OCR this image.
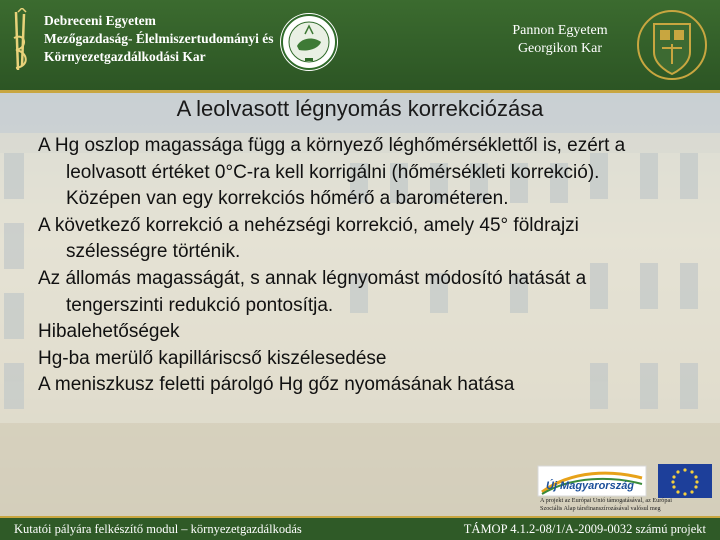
Debreceni Egyetem
Mezőgazdaság- Élelmiszertudományi és
Környezetgazdálkodási Kar
Pannon Egyetem
Georgikon Kar
A leolvasott légnyomás korrekciózása

A Hg oszlop magassága függ a környező léghőmérséklettől is, ezért a leolvasott értéket 0°C-ra kell korrigálni (hőmérsékleti korrekció). Középen van egy korrekciós hőmérő a barométeren.

A következő korrekció a nehézségi korrekció, amely 45° földrajzi szélességre történik.

Az állomás magasságát, s annak légnyomást módosító hatását a tengerszinti redukció pontosítja.

Hibalehetőségek

Hg-ba merülő kapilláriscső kiszélesedése

A meniszkusz feletti párolgó Hg gőz nyomásának hatása

Új Magyarország
A projekt az Európai Unió támogatásával, az Európai
Szociális Alap társfinanszírozásával valósul meg
Kutatói pályára felkészítő modul – környezetgazdálkodás	TÁMOP 4.1.2-08/1/A-2009-0032 számú projekt
